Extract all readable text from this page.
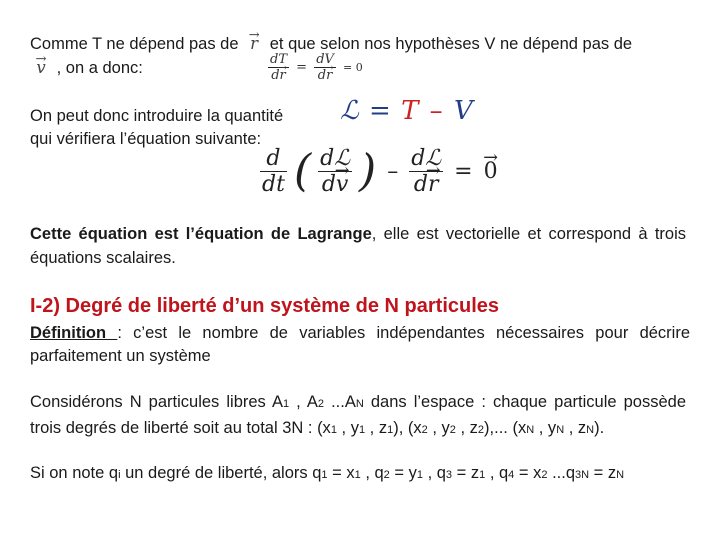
Comme T ne dépend pas de → r et que selon nos hypothèses V ne dépend pas de
→ v , on a donc:	$\frac{dT}{d\to r} = \frac{dV}{d\to r} = 0$
On peut donc introduire la quantité
qui vérifiera l’équation suivante:
ℒ = T – V
$\frac{d}{dt}$ ( $\frac{\text{dℒ}}{d\to v}$ ) – $\frac{\text{dℒ}}{d\to r}$ = → 0
Cette équation est l’équation de Lagrange, elle est vectorielle et correspond à trois équations scalaires.
I-2) Degré de liberté d’un système de N particules
Définition : c’est le nombre de variables indépendantes nécessaires pour décrire parfaitement un système
Considérons N particules libres A1 , A2 ...AN dans l’espace : chaque particule possède trois degrés de liberté soit au total 3N : (x1 , y1 , z1), (x2 , y2 , z2),... (xN , yN , zN).
Si on note qi un degré de liberté, alors q1 = x1 , q2 = y1 , q3 = z1 , q4 = x2 ...q3N = zN
